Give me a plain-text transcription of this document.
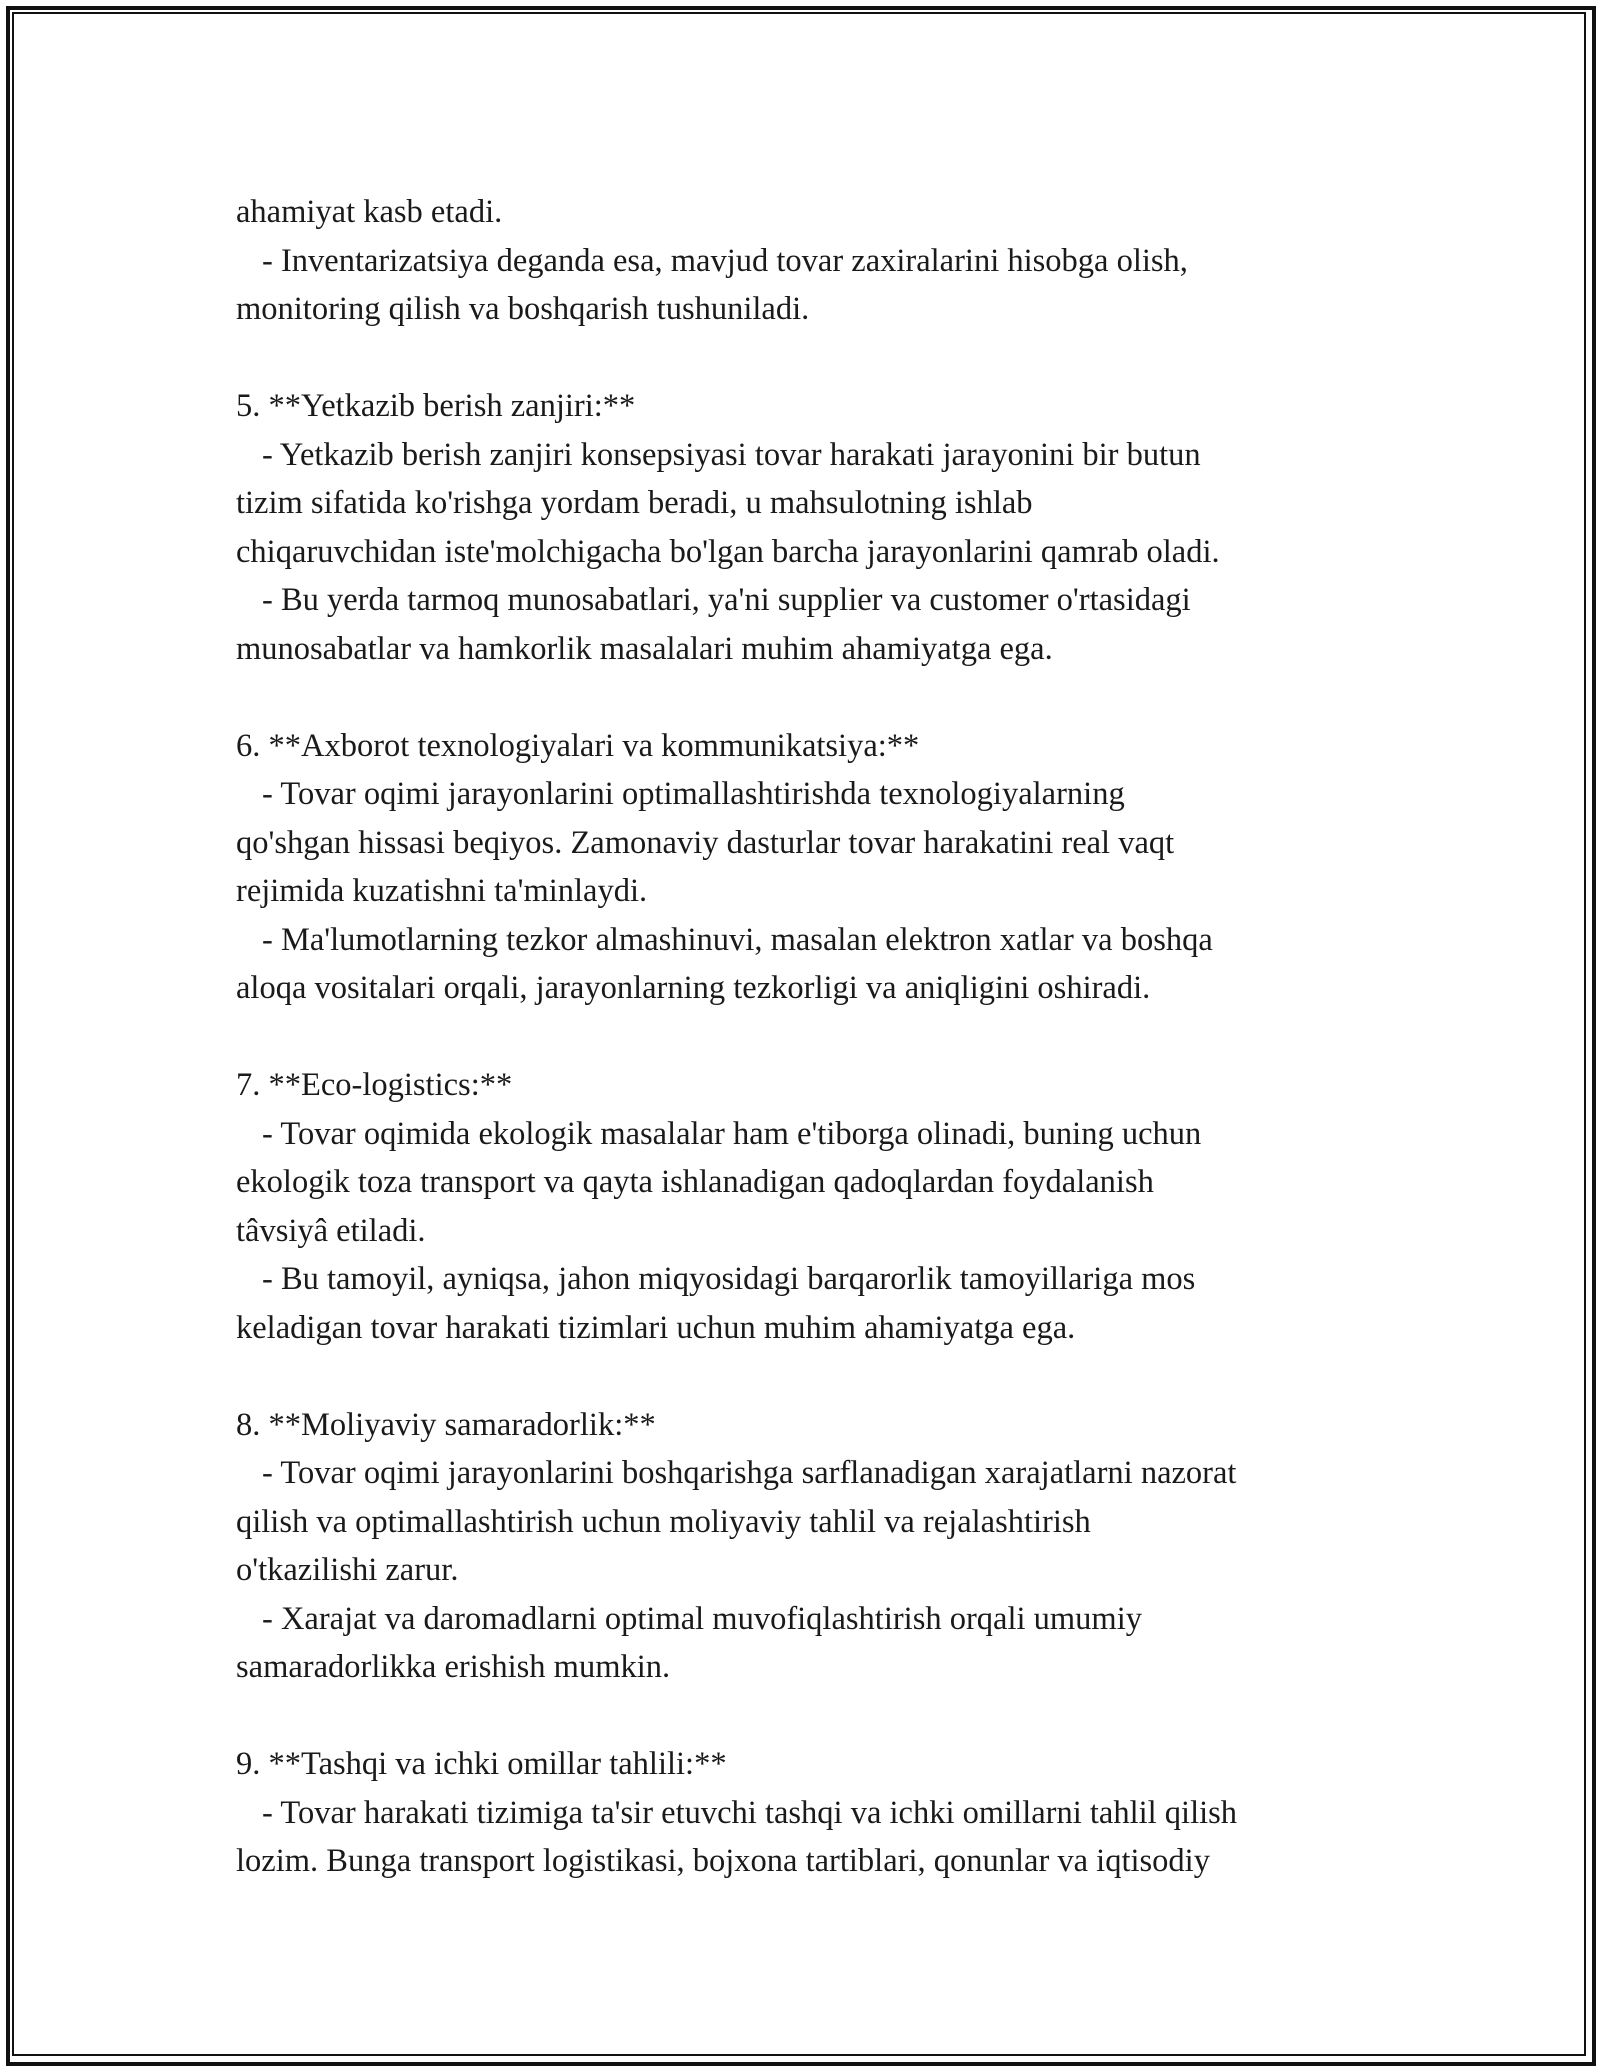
ahamiyat kasb etadi.
- Inventarizatsiya deganda esa, mavjud tovar zaxiralarini hisobga olish,
monitoring qilish va boshqarish tushuniladi.
5. **Yetkazib berish zanjiri:**
- Yetkazib berish zanjiri konsepsiyasi tovar harakati jarayonini bir butun
tizim sifatida ko'rishga yordam beradi, u mahsulotning ishlab
chiqaruvchidan iste'molchigacha bo'lgan barcha jarayonlarini qamrab oladi.
- Bu yerda tarmoq munosabatlari, ya'ni supplier va customer o'rtasidagi
munosabatlar va hamkorlik masalalari muhim ahamiyatga ega.
6. **Axborot texnologiyalari va kommunikatsiya:**
- Tovar oqimi jarayonlarini optimallashtirishda texnologiyalarning
qo'shgan hissasi beqiyos. Zamonaviy dasturlar tovar harakatini real vaqt
rejimida kuzatishni ta'minlaydi.
- Ma'lumotlarning tezkor almashinuvi, masalan elektron xatlar va boshqa
aloqa vositalari orqali, jarayonlarning tezkorligi va aniqligini oshiradi.
7. **Eco-logistics:**
- Tovar oqimida ekologik masalalar ham e'tiborga olinadi, buning uchun
ekologik toza transport va qayta ishlanadigan qadoqlardan foydalanish
tâvsiyâ etiladi.
- Bu tamoyil, ayniqsa, jahon miqyosidagi barqarorlik tamoyillariga mos
keladigan tovar harakati tizimlari uchun muhim ahamiyatga ega.
8. **Moliyaviy samaradorlik:**
- Tovar oqimi jarayonlarini boshqarishga sarflanadigan xarajatlarni nazorat
qilish va optimallashtirish uchun moliyaviy tahlil va rejalashtirish
o'tkazilishi zarur.
- Xarajat va daromadlarni optimal muvofiqlashtirish orqali umumiy
samaradorlikka erishish mumkin.
9. **Tashqi va ichki omillar tahlili:**
- Tovar harakati tizimiga ta'sir etuvchi tashqi va ichki omillarni tahlil qilish
lozim. Bunga transport logistikasi, bojxona tartiblari, qonunlar va iqtisodiy
